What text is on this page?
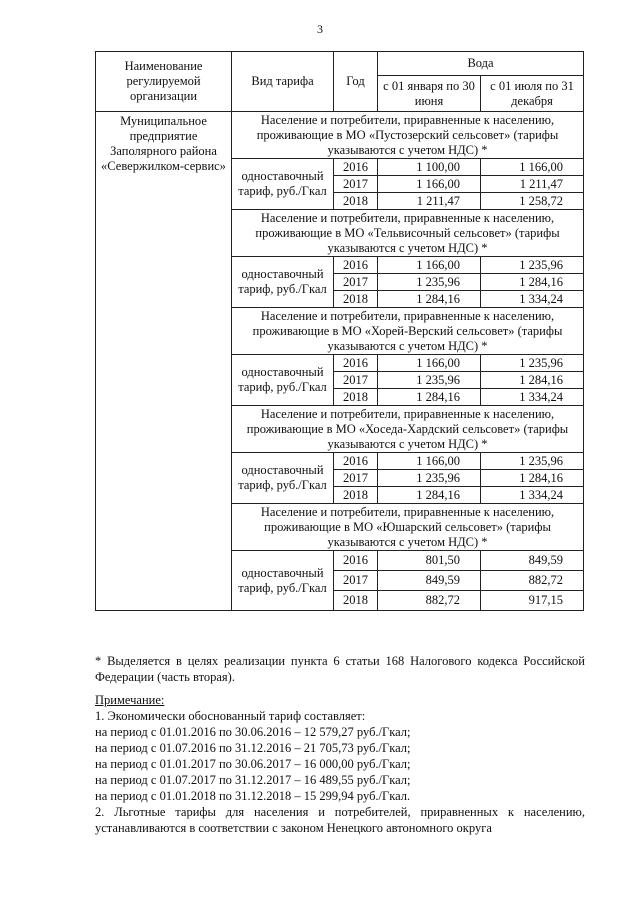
3
Наименование регулируемой организации	Вид тарифа	Год	Вода	
			с 01 января по 30 июня	с 01 июля по 31 декабря
Муниципальное предприятие Заполярного района «Севержилком-сервис»	Население и потребители, приравненные к населению, проживающие в МО «Пустозерский сельсовет» (тарифы указываются с учетом НДС) *			
	одноставочный тариф, руб./Гкал	2016	1 100,00	1 166,00
		2017	1 166,00	1 211,47
		2018	1 211,47	1 258,72
	Население и потребители, приравненные к населению, проживающие в МО «Тельвисочный сельсовет» (тарифы указываются с учетом НДС) *			
	одноставочный тариф, руб./Гкал	2016	1 166,00	1 235,96
		2017	1 235,96	1 284,16
		2018	1 284,16	1 334,24
	Население и потребители, приравненные к населению, проживающие в МО «Хорей-Верский сельсовет» (тарифы указываются с учетом НДС) *			
	одноставочный тариф, руб./Гкал	2016	1 166,00	1 235,96
		2017	1 235,96	1 284,16
		2018	1 284,16	1 334,24
	Население и потребители, приравненные к населению, проживающие в МО «Хоседа-Хардский сельсовет» (тарифы указываются с учетом НДС) *			
	одноставочный тариф, руб./Гкал	2016	1 166,00	1 235,96
		2017	1 235,96	1 284,16
		2018	1 284,16	1 334,24
	Население и потребители, приравненные к населению, проживающие в МО «Юшарский сельсовет» (тарифы указываются с учетом НДС) *			
	одноставочный тариф, руб./Гкал	2016	801,50	849,59
		2017	849,59	882,72
		2018	882,72	917,15
* Выделяется в целях реализации пункта 6 статьи 168 Налогового кодекса Российской Федерации (часть вторая).
Примечание:
1. Экономически обоснованный тариф составляет:
на период с 01.01.2016 по 30.06.2016 – 12 579,27 руб./Гкал;
на период с 01.07.2016 по 31.12.2016 – 21 705,73 руб./Гкал;
на период с 01.01.2017 по 30.06.2017 – 16 000,00 руб./Гкал;
на период с 01.07.2017 по 31.12.2017 – 16 489,55 руб./Гкал;
на период с 01.01.2018 по 31.12.2018 – 15 299,94 руб./Гкал.
2. Льготные тарифы для населения и потребителей, приравненных к населению, устанавливаются в соответствии с законом Ненецкого автономного округа
